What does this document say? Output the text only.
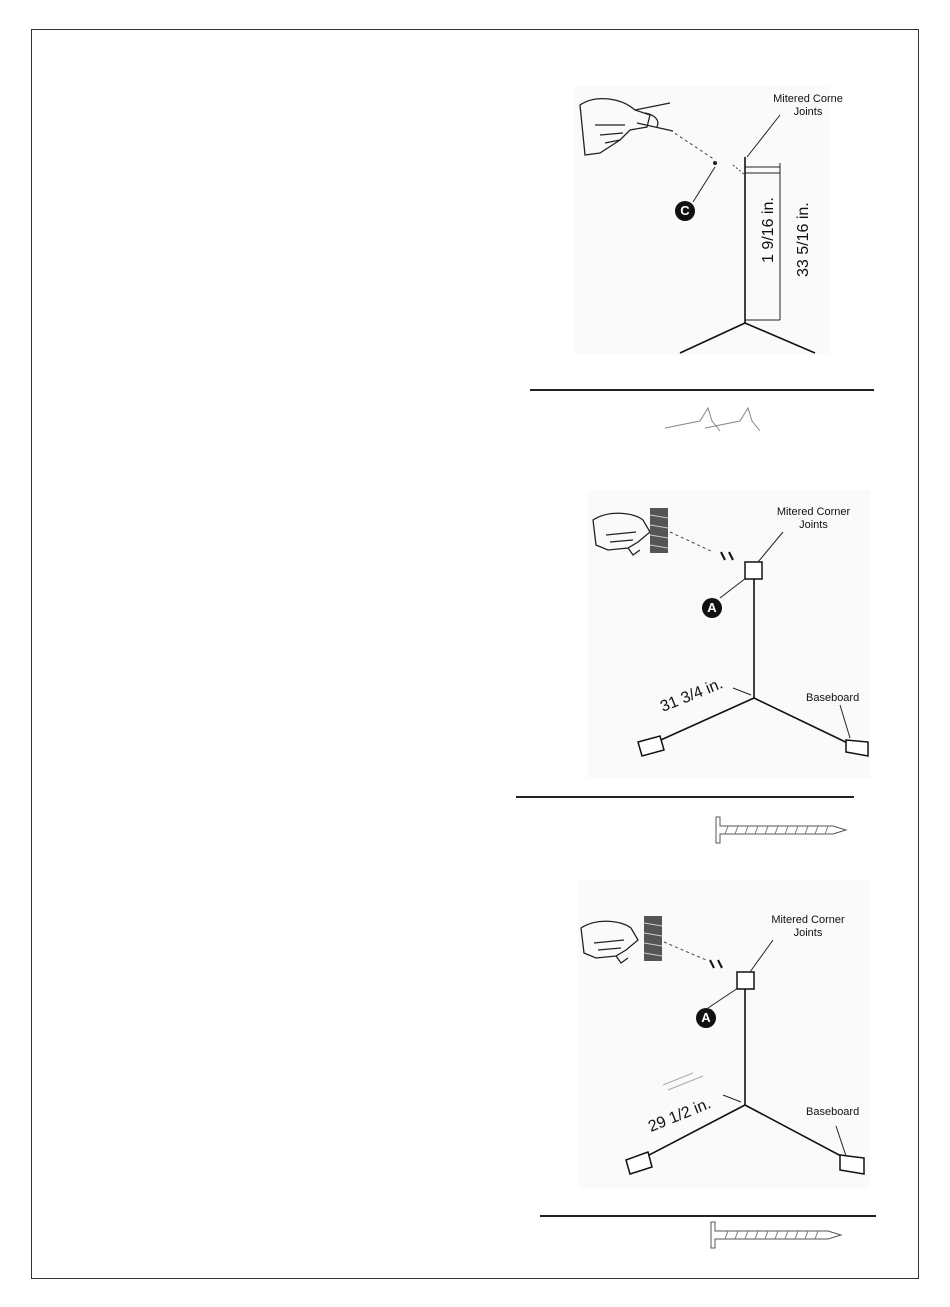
Mitered Corne
Joints
C	1 9/16 in. 33 5/16 in.
Mitered Corner
Joints
A
31 3/4 in.	Baseboard
Mitered Corner
Joints
A
29 1/2 in.	Baseboard
